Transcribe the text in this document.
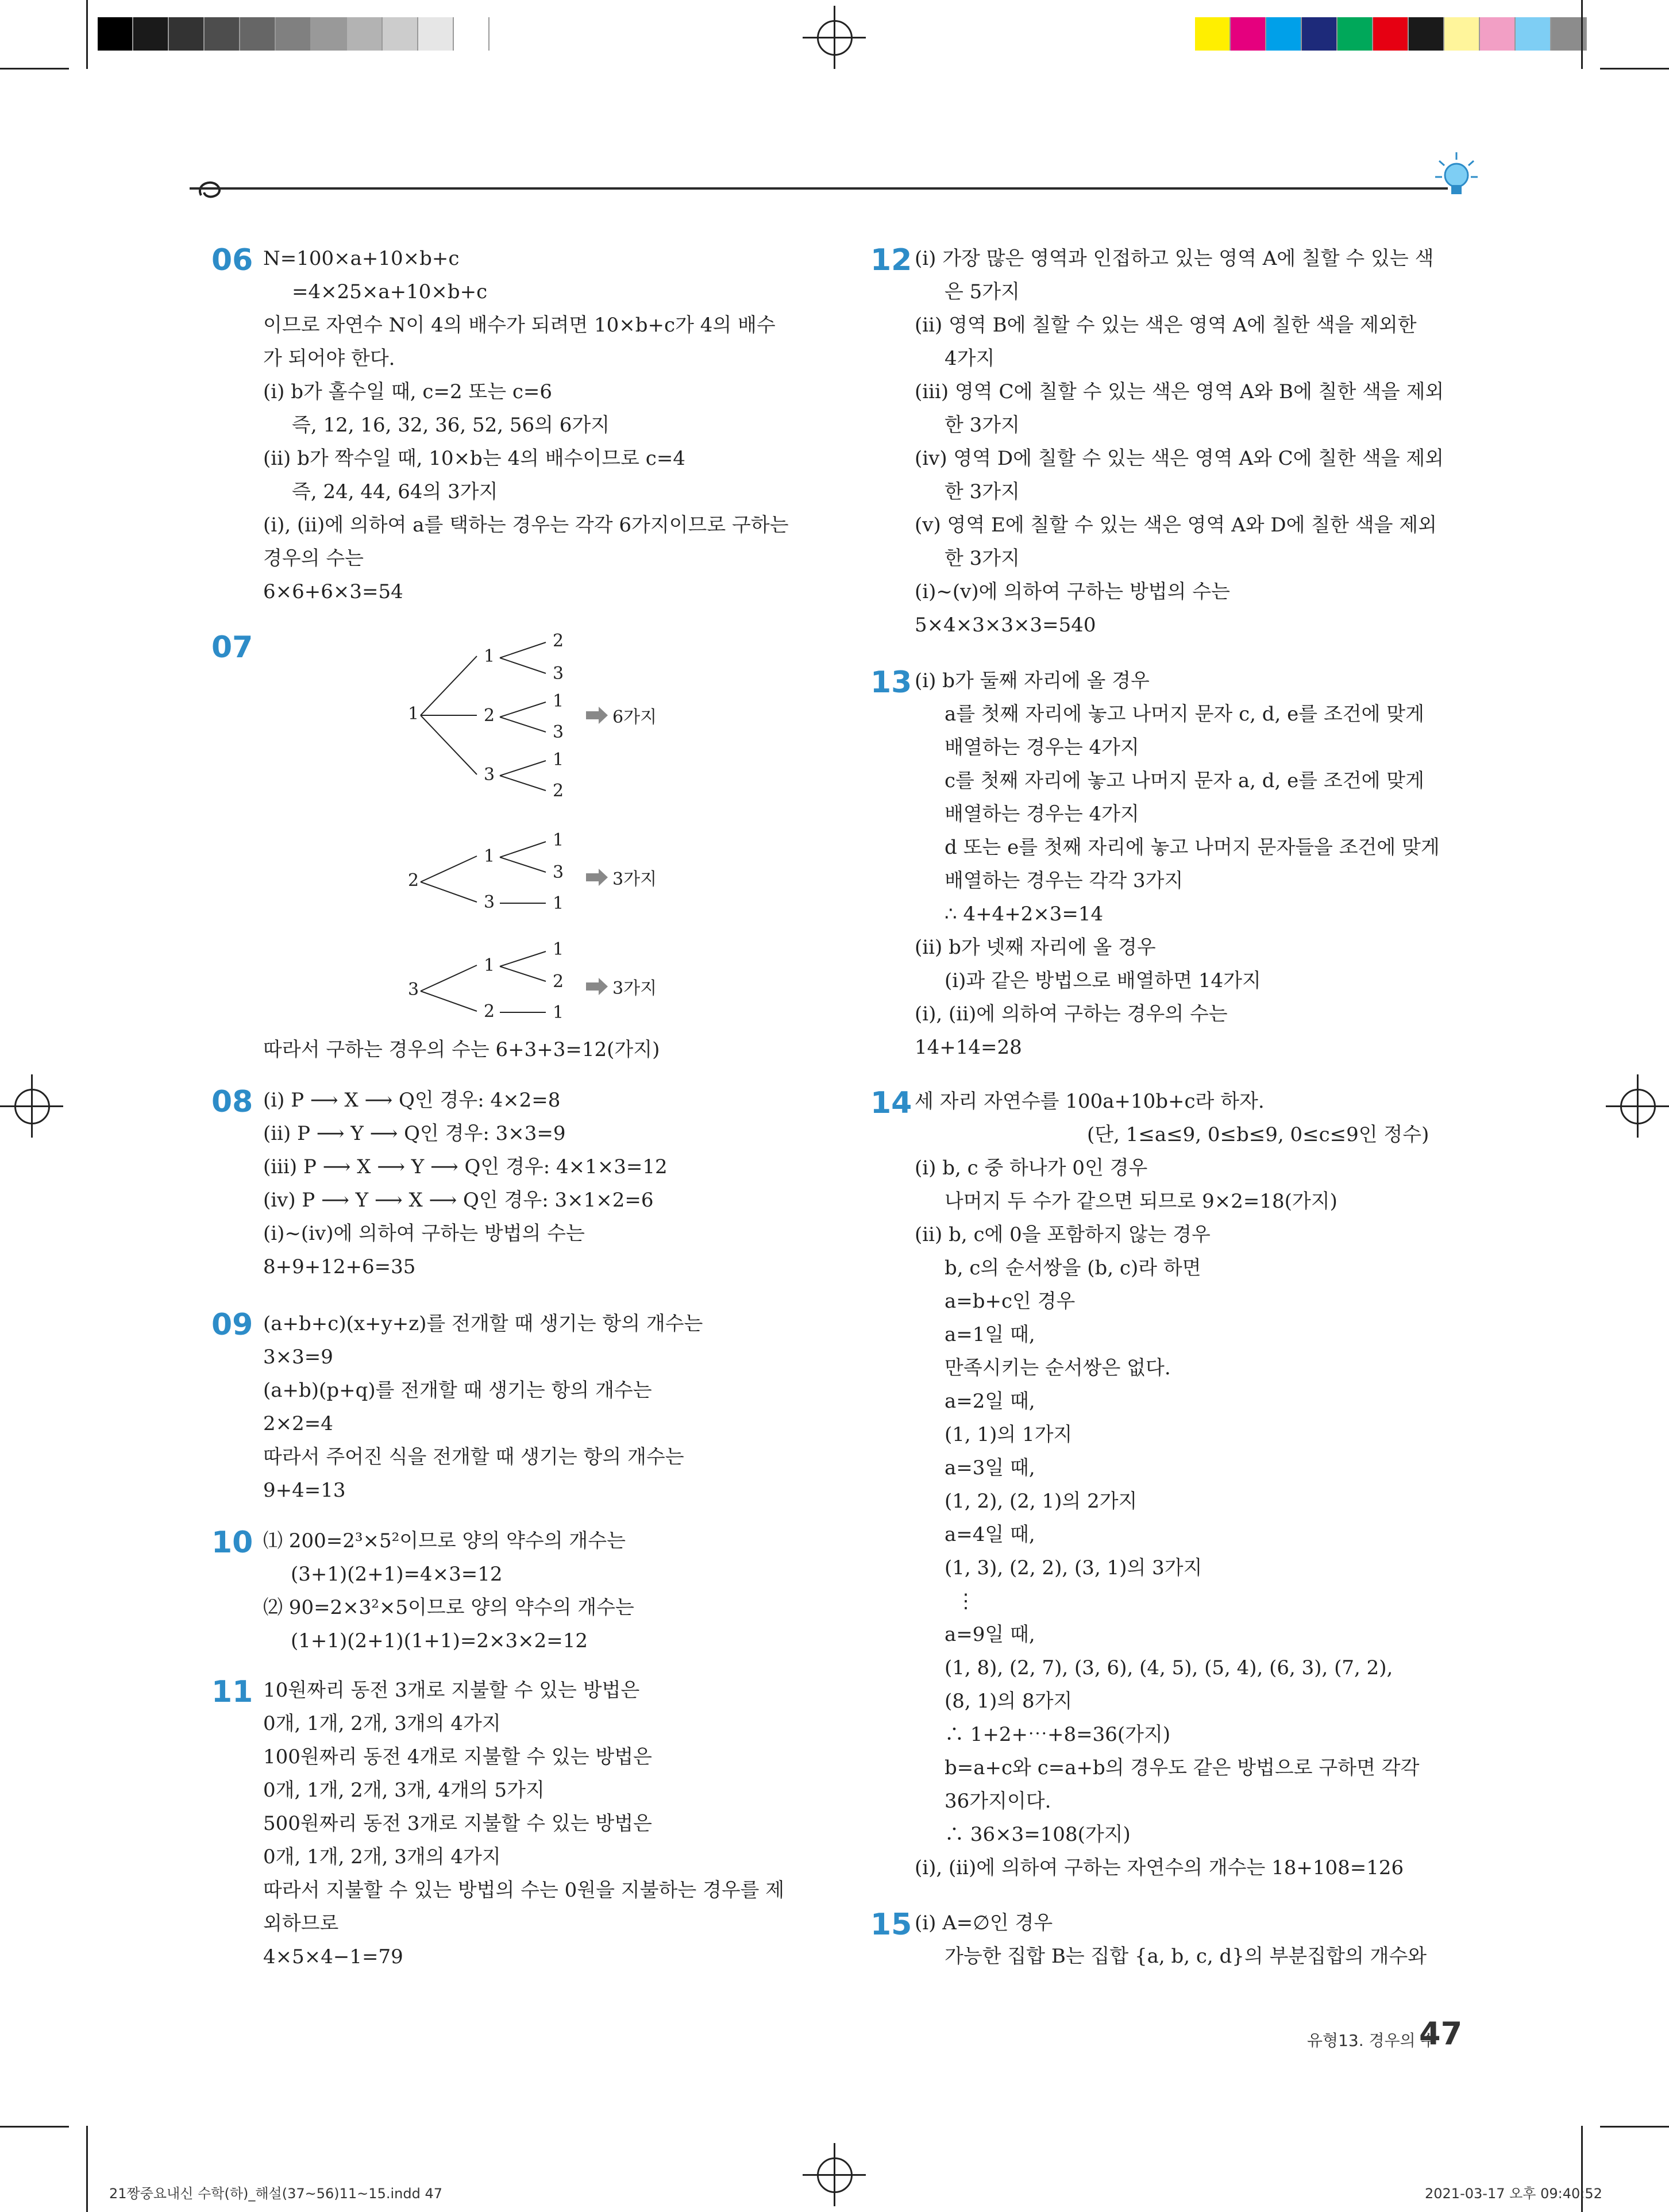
06 N=100×a+10×b+c
=4×25×a+10×b+c
이므로 자연수 N이 4의 배수가 되려면 10×b+c가 4의 배수
가 되어야 한다.
(ⅰ) b가 홀수일 때, c=2 또는 c=6
즉, 12, 16, 32, 36, 52, 56의 6가지
(ⅱ) b가 짝수일 때, 10×b는 4의 배수이므로 c=4
즉, 24, 44, 64의 3가지
(ⅰ), (ⅱ)에 의하여 a를 택하는 경우는 각각 6가지이므로 구하는
경우의 수는
6×6+6×3=54
07
1
1
2
3
2
3
1
3
1
2
6가지
2
1
3
1
3
1
3가지
3
1
2
1
2
1
3가지
따라서 구하는 경우의 수는 6+3+3=12(가지)
08 (ⅰ) P ⟶ X ⟶ Q인 경우: 4×2=8
(ⅱ) P ⟶ Y ⟶ Q인 경우: 3×3=9
(ⅲ) P ⟶ X ⟶ Y ⟶ Q인 경우: 4×1×3=12
(ⅳ) P ⟶ Y ⟶ X ⟶ Q인 경우: 3×1×2=6
(ⅰ)~(ⅳ)에 의하여 구하는 방법의 수는
8+9+12+6=35
09 (a+b+c)(x+y+z)를 전개할 때 생기는 항의 개수는
3×3=9
(a+b)(p+q)를 전개할 때 생기는 항의 개수는
2×2=4
따라서 주어진 식을 전개할 때 생기는 항의 개수는
9+4=13
10 ⑴ 200=2³×5²이므로 양의 약수의 개수는
(3+1)(2+1)=4×3=12
⑵ 90=2×3²×5이므로 양의 약수의 개수는
(1+1)(2+1)(1+1)=2×3×2=12
11 10원짜리 동전 3개로 지불할 수 있는 방법은
0개, 1개, 2개, 3개의 4가지
100원짜리 동전 4개로 지불할 수 있는 방법은
0개, 1개, 2개, 3개, 4개의 5가지
500원짜리 동전 3개로 지불할 수 있는 방법은
0개, 1개, 2개, 3개의 4가지
따라서 지불할 수 있는 방법의 수는 0원을 지불하는 경우를 제
외하므로
4×5×4−1=79
12 (ⅰ) 가장 많은 영역과 인접하고 있는 영역 A에 칠할 수 있는 색
은 5가지
(ⅱ) 영역 B에 칠할 수 있는 색은 영역 A에 칠한 색을 제외한
4가지
(ⅲ) 영역 C에 칠할 수 있는 색은 영역 A와 B에 칠한 색을 제외
한 3가지
(ⅳ) 영역 D에 칠할 수 있는 색은 영역 A와 C에 칠한 색을 제외
한 3가지
(ⅴ) 영역 E에 칠할 수 있는 색은 영역 A와 D에 칠한 색을 제외
한 3가지
(ⅰ)~(ⅴ)에 의하여 구하는 방법의 수는
5×4×3×3×3=540
13 (ⅰ) b가 둘째 자리에 올 경우
a를 첫째 자리에 놓고 나머지 문자 c, d, e를 조건에 맞게
배열하는 경우는 4가지
c를 첫째 자리에 놓고 나머지 문자 a, d, e를 조건에 맞게
배열하는 경우는 4가지
d 또는 e를 첫째 자리에 놓고 나머지 문자들을 조건에 맞게
배열하는 경우는 각각 3가지
∴ 4+4+2×3=14
(ⅱ) b가 넷째 자리에 올 경우
(ⅰ)과 같은 방법으로 배열하면 14가지
(ⅰ), (ⅱ)에 의하여 구하는 경우의 수는
14+14=28
14 세 자리 자연수를 100a+10b+c라 하자.
(단, 1≤a≤9, 0≤b≤9, 0≤c≤9인 정수)
(ⅰ) b, c 중 하나가 0인 경우
나머지 두 수가 같으면 되므로 9×2=18(가지)
(ⅱ) b, c에 0을 포함하지 않는 경우
b, c의 순서쌍을 (b, c)라 하면
a=b+c인 경우
a=1일 때,
만족시키는 순서쌍은 없다.
a=2일 때,
(1, 1)의 1가지
a=3일 때,
(1, 2), (2, 1)의 2가지
a=4일 때,
(1, 3), (2, 2), (3, 1)의 3가지
⋮
a=9일 때,
(1, 8), (2, 7), (3, 6), (4, 5), (5, 4), (6, 3), (7, 2),
(8, 1)의 8가지
∴ 1+2+⋯+8=36(가지)
b=a+c와 c=a+b의 경우도 같은 방법으로 구하면 각각
36가지이다.
∴ 36×3=108(가지)
(ⅰ), (ⅱ)에 의하여 구하는 자연수의 개수는 18+108=126
15 (ⅰ) A=∅인 경우
가능한 집합 B는 집합 {a, b, c, d}의 부분집합의 개수와
유형13. 경우의 수
47
21짱중요내신 수학(하)_해설(37~56)11~15.indd 47	2021-03-17 오후 09:40:52
